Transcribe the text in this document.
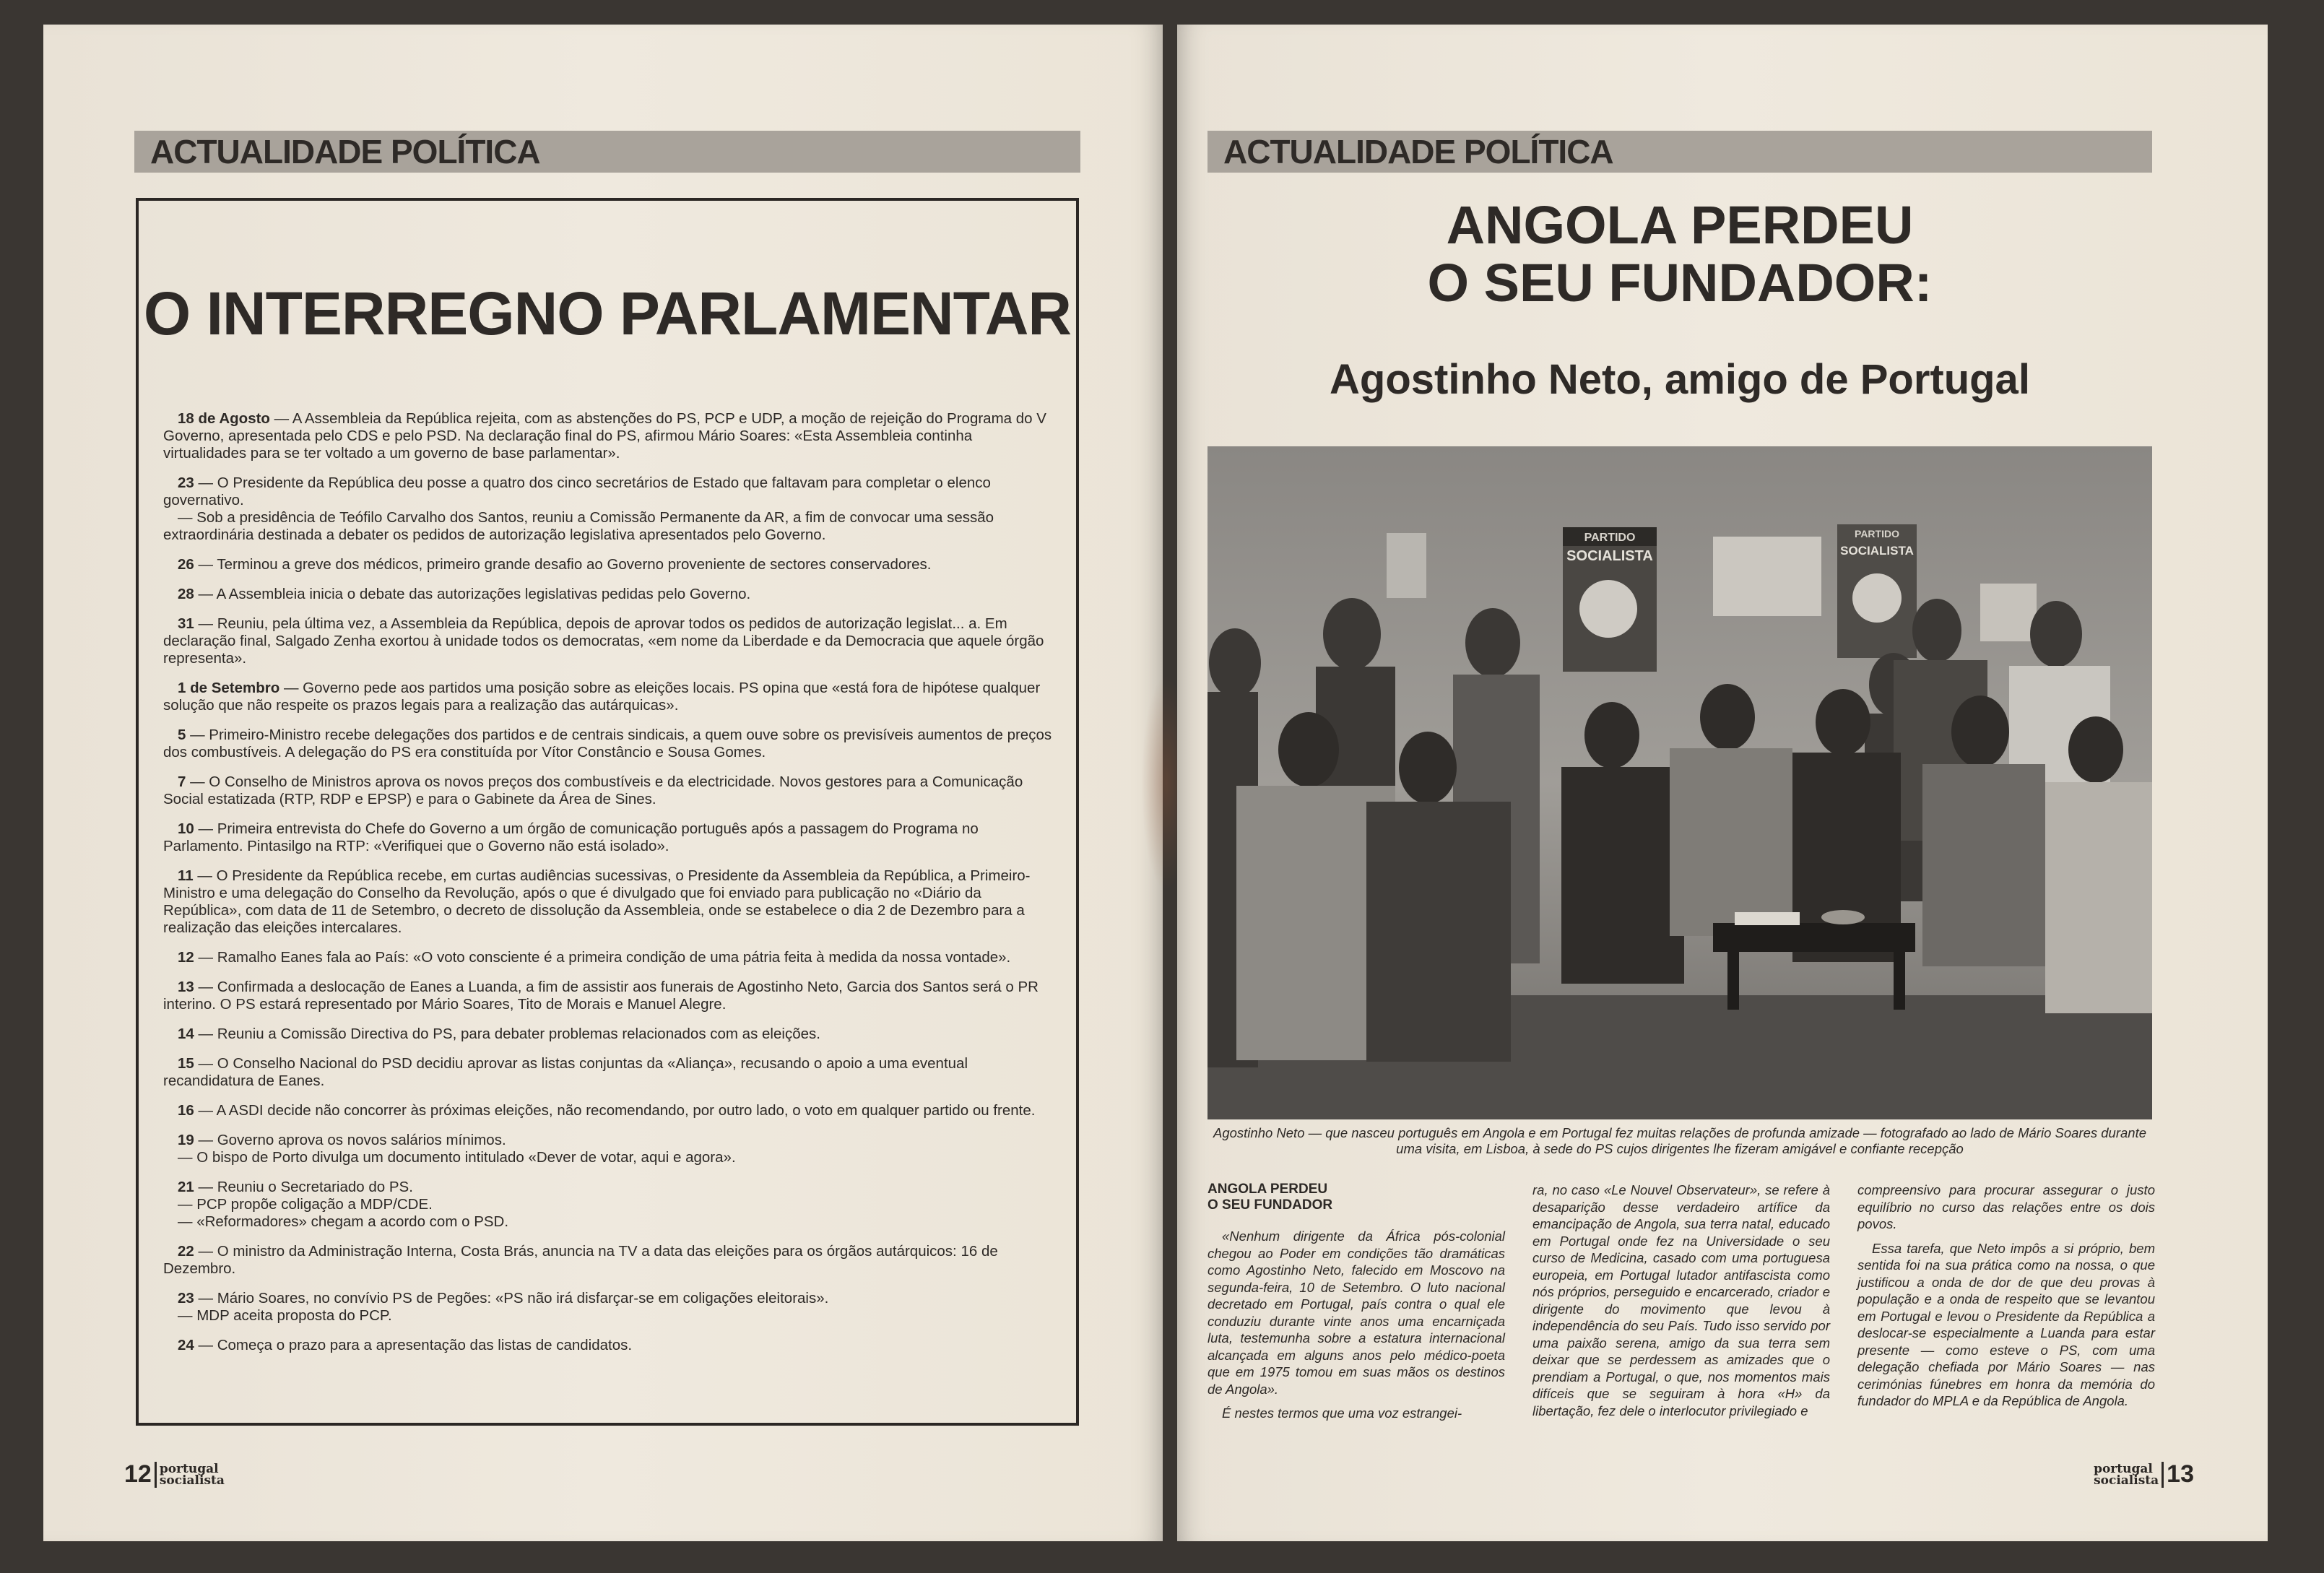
ACTUALIDADE POLÍTICA
O INTERREGNO PARLAMENTAR

18 de Agosto — A Assembleia da República rejeita, com as abstenções do PS, PCP e UDP, a moção de rejeição do Programa do V Governo, apresentada pelo CDS e pelo PSD. Na declaração final do PS, afirmou Mário Soares: «Esta Assembleia continha virtualidades para se ter voltado a um governo de base parlamentar».

23 — O Presidente da República deu posse a quatro dos cinco secretários de Estado que faltavam para completar o elenco governativo.

— Sob a presidência de Teófilo Carvalho dos Santos, reuniu a Comissão Permanente da AR, a fim de convocar uma sessão extraordinária destinada a debater os pedidos de autorização legislativa apresentados pelo Governo.

26 — Terminou a greve dos médicos, primeiro grande desafio ao Governo proveniente de sectores conservadores.

28 — A Assembleia inicia o debate das autorizações legislativas pedidas pelo Governo.

31 — Reuniu, pela última vez, a Assembleia da República, depois de aprovar todos os pedidos de autorização legislat... a. Em declaração final, Salgado Zenha exortou à unidade todos os democratas, «em nome da Liberdade e da Democracia que aquele órgão representa».

1 de Setembro — Governo pede aos partidos uma posição sobre as eleições locais. PS opina que «está fora de hipótese qualquer solução que não respeite os prazos legais para a realização das autárquicas».

5 — Primeiro-Ministro recebe delegações dos partidos e de centrais sindicais, a quem ouve sobre os previsíveis aumentos de preços dos combustíveis. A delegação do PS era constituída por Vítor Constâncio e Sousa Gomes.

7 — O Conselho de Ministros aprova os novos preços dos combustíveis e da electricidade. Novos gestores para a Comunicação Social estatizada (RTP, RDP e EPSP) e para o Gabinete da Área de Sines.

10 — Primeira entrevista do Chefe do Governo a um órgão de comunicação português após a passagem do Programa no Parlamento. Pintasilgo na RTP: «Verifiquei que o Governo não está isolado».

11 — O Presidente da República recebe, em curtas audiências sucessivas, o Presidente da Assembleia da República, a Primeiro-Ministro e uma delegação do Conselho da Revolução, após o que é divulgado que foi enviado para publicação no «Diário da República», com data de 11 de Setembro, o decreto de dissolução da Assembleia, onde se estabelece o dia 2 de Dezembro para a realização das eleições intercalares.

12 — Ramalho Eanes fala ao País: «O voto consciente é a primeira condição de uma pátria feita à medida da nossa vontade».

13 — Confirmada a deslocação de Eanes a Luanda, a fim de assistir aos funerais de Agostinho Neto, Garcia dos Santos será o PR interino. O PS estará representado por Mário Soares, Tito de Morais e Manuel Alegre.

14 — Reuniu a Comissão Directiva do PS, para debater problemas relacionados com as eleições.

15 — O Conselho Nacional do PSD decidiu aprovar as listas conjuntas da «Aliança», recusando o apoio a uma eventual recandidatura de Eanes.

16 — A ASDI decide não concorrer às próximas eleições, não recomendando, por outro lado, o voto em qualquer partido ou frente.

19 — Governo aprova os novos salários mínimos.

— O bispo de Porto divulga um documento intitulado «Dever de votar, aqui e agora».

21 — Reuniu o Secretariado do PS.

— PCP propõe coligação a MDP/CDE.

— «Reformadores» chegam a acordo com o PSD.

22 — O ministro da Administração Interna, Costa Brás, anuncia na TV a data das eleições para os órgãos autárquicos: 16 de Dezembro.

23 — Mário Soares, no convívio PS de Pegões: «PS não irá disfarçar-se em coligações eleitorais».

— MDP aceita proposta do PCP.

24 — Começa o prazo para a apresentação das listas de candidatos.

12 portugal
socialista
ACTUALIDADE POLÍTICA
ANGOLA PERDEU
O SEU FUNDADOR:
Agostinho Neto, amigo de Portugal
PARTIDO
SOCIALISTA
PARTIDO
SOCIALISTA
Agostinho Neto — que nasceu português em Angola e em Portugal fez muitas relações de profunda amizade — fotografado ao lado de Mário Soares durante uma visita, em Lisboa, à sede do PS cujos dirigentes lhe fizeram amigável e confiante recepção
ANGOLA PERDEU
O SEU FUNDADOR

«Nenhum dirigente da África pós-colonial chegou ao Poder em condições tão dramáticas como Agostinho Neto, falecido em Moscovo na segunda-feira, 10 de Setembro. O luto nacional decretado em Portugal, país contra o qual ele conduziu durante vinte anos uma encarniçada luta, testemunha sobre a estatura internacional alcançada em alguns anos pelo médico-poeta que em 1975 tomou em suas mãos os destinos de Angola».

É nestes termos que uma voz estrangei-

ra, no caso «Le Nouvel Observateur», se refere à desaparição desse verdadeiro artífice da emancipação de Angola, sua terra natal, educado em Portugal onde fez na Universidade o seu curso de Medicina, casado com uma portuguesa europeia, em Portugal lutador antifascista como nós próprios, perseguido e encarcerado, criador e dirigente do movimento que levou à independência do seu País. Tudo isso servido por uma paixão serena, amigo da sua terra sem deixar que se perdessem as amizades que o prendiam a Portugal, o que, nos momentos mais difíceis que se seguiram à hora «H» da libertação, fez dele o interlocutor privilegiado e

compreensivo para procurar assegurar o justo equilíbrio no curso das relações entre os dois povos.

Essa tarefa, que Neto impôs a si próprio, bem sentida foi na sua prática como na nossa, o que justificou a onda de dor de que deu provas à população e a onda de respeito que se levantou em Portugal e levou o Presidente da República a deslocar-se especialmente a Luanda para estar presente — como esteve o PS, com uma delegação chefiada por Mário Soares — nas cerimónias fúnebres em honra da memória do fundador do MPLA e da República de Angola.

portugal
socialista 13
